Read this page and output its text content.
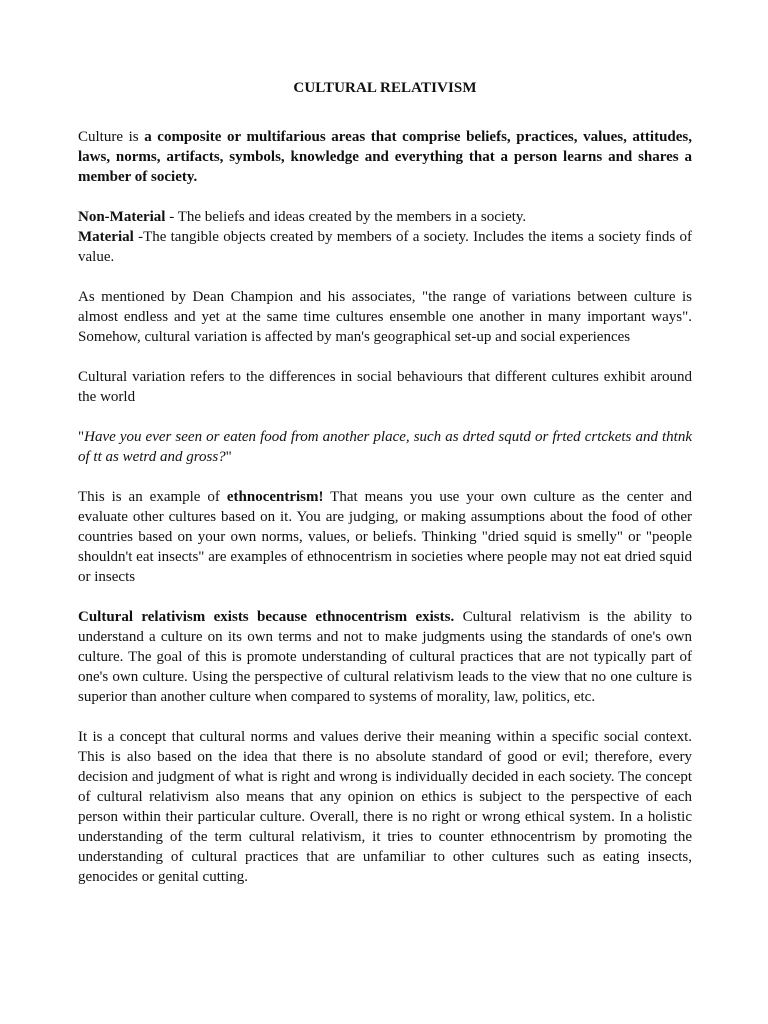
CULTURAL RELATIVISM

Culture is a composite or multifarious areas that comprise beliefs, practices, values, attitudes, laws, norms, artifacts, symbols, knowledge and everything that a person learns and shares a member of society.

Non-Material - The beliefs and ideas created by the members in a society.

Material -The tangible objects created by members of a society. Includes the items a society finds of value.

As mentioned by Dean Champion and his associates, "the range of variations between culture is almost endless and yet at the same time cultures ensemble one another in many important ways". Somehow, cultural variation is affected by man's geographical set-up and social experiences

Cultural variation refers to the differences in social behaviours that different cultures exhibit around the world

"Have you ever seen or eaten food from another place, such as drted squtd or frted crtckets and thtnk of tt as wetrd and gross?"

This is an example of ethnocentrism! That means you use your own culture as the center and evaluate other cultures based on it. You are judging, or making assumptions about the food of other countries based on your own norms, values, or beliefs. Thinking "dried squid is smelly" or "people shouldn't eat insects" are examples of ethnocentrism in societies where people may not eat dried squid or insects

Cultural relativism exists because ethnocentrism exists. Cultural relativism is the ability to understand a culture on its own terms and not to make judgments using the standards of one's own culture. The goal of this is promote understanding of cultural practices that are not typically part of one's own culture. Using the perspective of cultural relativism leads to the view that no one culture is superior than another culture when compared to systems of morality, law, politics, etc.

It is a concept that cultural norms and values derive their meaning within a specific social context. This is also based on the idea that there is no absolute standard of good or evil; therefore, every decision and judgment of what is right and wrong is individually decided in each society. The concept of cultural relativism also means that any opinion on ethics is subject to the perspective of each person within their particular culture. Overall, there is no right or wrong ethical system. In a holistic understanding of the term cultural relativism, it tries to counter ethnocentrism by promoting the understanding of cultural practices that are unfamiliar to other cultures such as eating insects, genocides or genital cutting.
